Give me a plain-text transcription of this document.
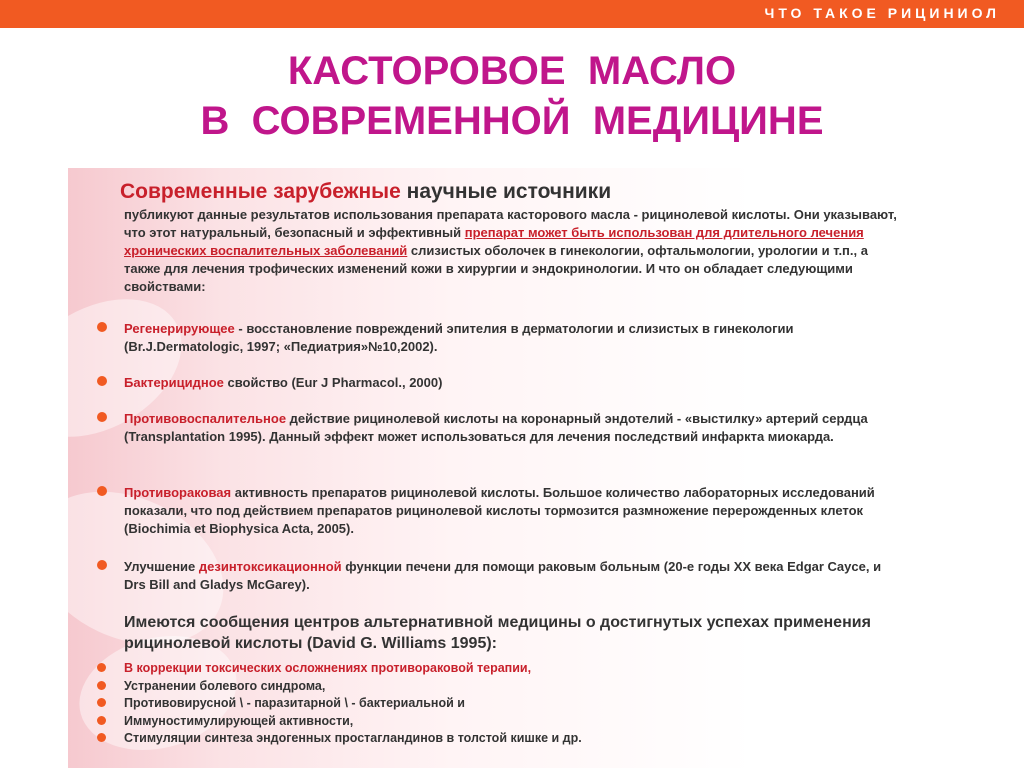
ЧТО ТАКОЕ РИЦИНИОЛ
КАСТОРОВОЕ  МАСЛО
В  СОВРЕМЕННОЙ  МЕДИЦИНЕ
Современные зарубежные научные источники
публикуют данные результатов использования препарата касторового масла - рицинолевой кислоты. Они указывают, что этот натуральный, безопасный и эффективный препарат может быть использован для длительного лечения хронических воспалительных заболеваний слизистых оболочек в гинекологии, офтальмологии, урологии и т.п., а также для лечения трофических изменений кожи в хирургии и эндокринологии. И что он обладает следующими свойствами:
Регенерирующее - восстановление повреждений эпителия в дерматологии и слизистых в гинекологии (Br.J.Dermatologic, 1997; «Педиатрия»№10,2002).
Бактерицидное свойство (Eur J Pharmacol., 2000)
Противовоспалительное действие рицинолевой кислоты на коронарный эндотелий - «выстилку» артерий сердца (Transplantation 1995). Данный эффект может использоваться для лечения последствий инфаркта миокарда.
Противораковая активность препаратов рицинолевой кислоты. Большое количество лабораторных исследований показали, что под действием препаратов рицинолевой кислоты тормозится размножение перерожденных клеток (Biochimia et Biophysica Acta, 2005).
Улучшение дезинтоксикационной функции печени для помощи раковым больным (20-е годы XX века Edgar Cayce, и Drs Bill and Gladys McGarey).
Имеются сообщения центров альтернативной медицины о достигнутых успехах применения рицинолевой кислоты (David G. Williams 1995):
В коррекции токсических осложнениях противораковой терапии,
Устранении болевого синдрома,
Противовирусной \ - паразитарной \ - бактериальной и
Иммуностимулирующей активности,
Стимуляции синтеза эндогенных простагландинов в толстой кишке и др.
